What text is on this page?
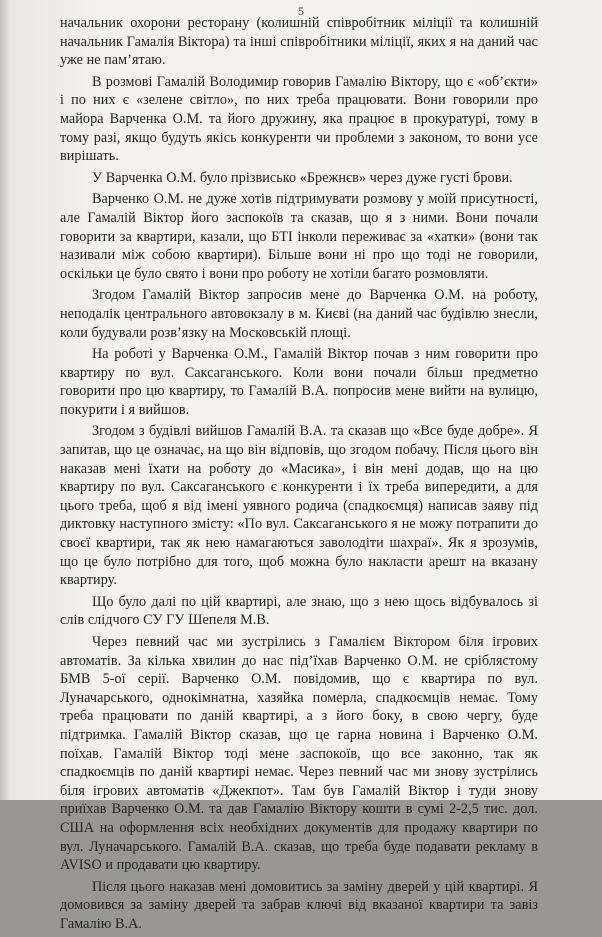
5

начальник охорони ресторану (колишній співробітник міліції та колишній начальник Гамалія Віктора) та інші співробітники міліції, яких я на даний час уже не пам’ятаю.

В розмові Гамалій Володимир говорив Гамалію Віктору, що є «об’єкти» і по них є «зелене світло», по них треба працювати. Вони говорили про майора Варченка О.М. та його дружину, яка працює в прокуратурі, тому в тому разі, якщо будуть якісь конкуренти чи проблеми з законом, то вони усе вирішать.

У Варченка О.М. було прізвисько «Брежнєв» через дуже густі брови.

Варченко О.М. не дуже хотів підтримувати розмову у моїй присутності, але Гамалій Віктор його заспокоїв та сказав, що я з ними. Вони почали говорити за квартири, казали, що БТІ інколи переживає за «хатки» (вони так називали між собою квартири). Більше вони ні про що тоді не говорили, оскільки це було свято і вони про роботу не хотіли багато розмовляти.

Згодом Гамалій Віктор запросив мене до Варченка О.М. на роботу, неподалік центрального автовокзалу в м. Києві (на даний час будівлю знесли, коли будували розв’язку на Московській площі.

На роботі у Варченка О.М., Гамалій Віктор почав з ним говорити про квартиру по вул. Саксаганського. Коли вони почали більш предметно говорити про цю квартиру, то Гамалій В.А. попросив мене вийти на вулицю, покурити і я вийшов.

Згодом з будівлі вийшов Гамалій В.А. та сказав що «Все буде добре». Я запитав, що це означає, на що він відповів, що згодом побачу. Після цього він наказав мені їхати на роботу до «Масика», і він мені додав, що на цю квартиру по вул. Саксаганського є конкуренти і їх треба випередити, а для цього треба, щоб я від імені уявного родича (спадкоємця) написав заяву під диктовку наступного змісту: «По вул. Саксаганського я не можу потрапити до своєї квартири, так як нею намагаються заволодіти шахраї». Як я зрозумів, що це було потрібно для того, щоб можна було накласти арешт на вказану квартиру.

Що було далі по цій квартирі, але знаю, що з нею щось відбувалось зі слів слідчого СУ ГУ Шепеля М.В.

Через певний час ми зустрілись з Гамалієм Віктором біля ігрових автоматів. За кілька хвилин до нас під’їхав Варченко О.М. не сріблястому БМВ 5-ої серії. Варченко О.М. повідомив, що є квартира по вул. Луначарського, однокімнатна, хазяйка померла, спадкоємців немає. Тому треба працювати по даній квартирі, а з його боку, в свою чергу, буде підтримка. Гамалій Віктор сказав, що це гарна новина і Варченко О.М. поїхав. Гамалій Віктор тоді мене заспокоїв, що все законно, так як спадкоємців по даній квартирі немає. Через певний час ми знову зустрілись біля ігрових автоматів «Джекпот». Там був Гамалій Віктор і туди знову приїхав Варченко О.М. та дав Гамалію Віктору кошти в сумі 2-2,5 тис. дол. США на оформлення всіх необхідних документів для продажу квартири по вул. Луначарського. Гамалій В.А. сказав, що треба буде подавати рекламу в AVISO и продавати цю квартиру.

Після цього наказав мені домовитись за заміну дверей у цій квартирі. Я домовився за заміну дверей та забрав ключі від вказаної квартири та завіз Гамалію В.А.
